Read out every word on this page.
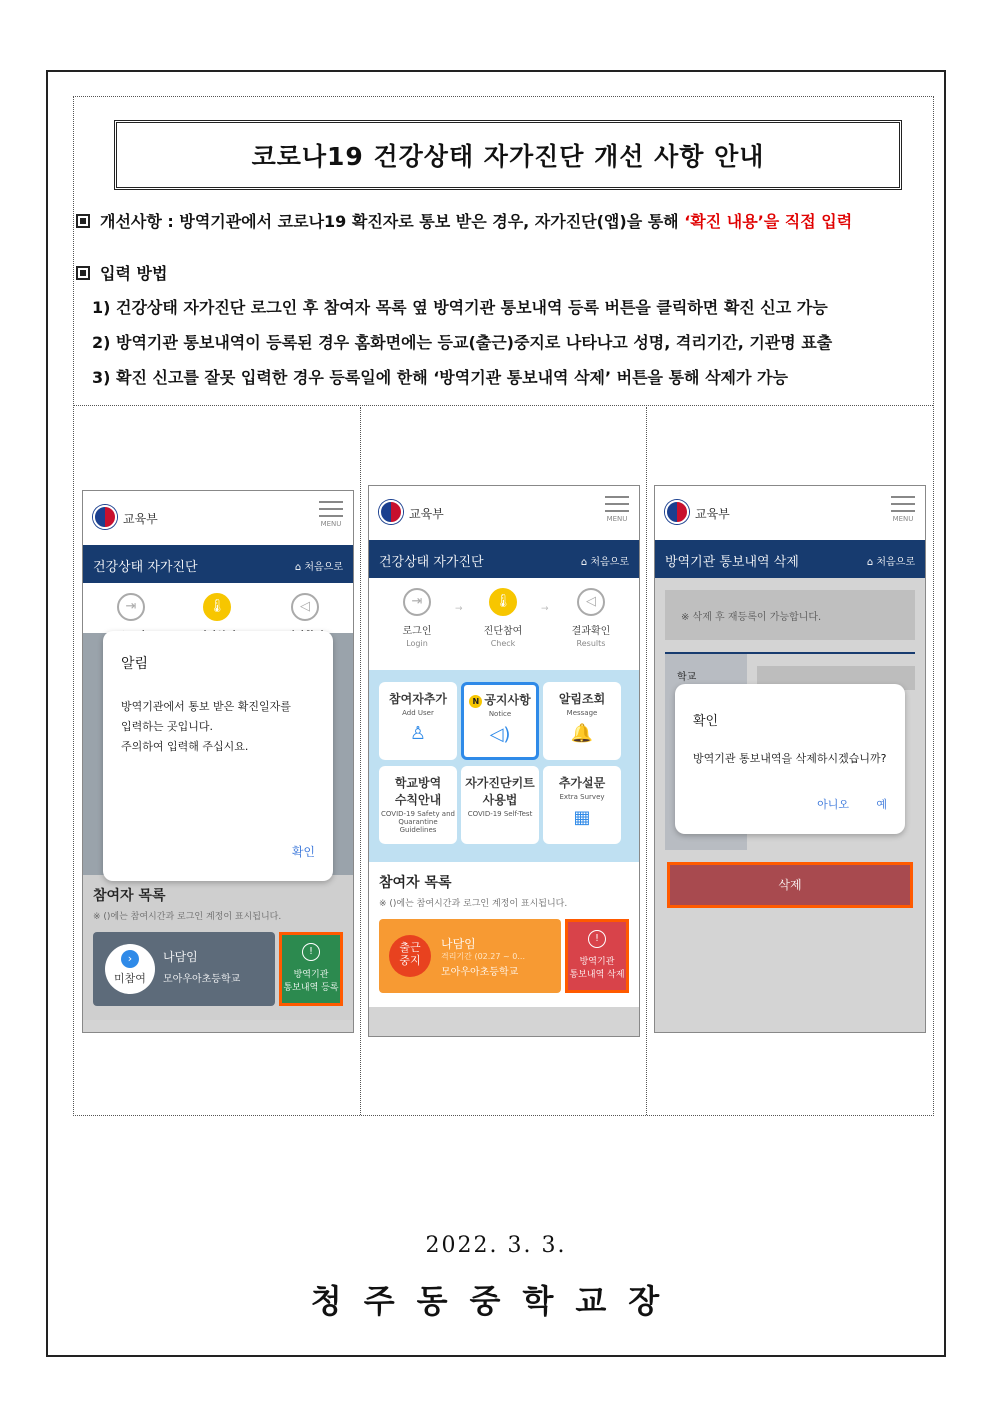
코로나19 건강상태 자가진단 개선 사항 안내
개선사항 : 방역기관에서 코로나19 확진자로 통보 받은 경우, 자가진단(앱)을 통해 ‘확진 내용’을 직접 입력
입력 방법
1) 건강상태 자가진단 로그인 후 참여자 목록 옆 방역기관 통보내역 등록 버튼을 클릭하면 확진 신고 가능
2) 방역기관 통보내역이 등록된 경우 홈화면에는 등교(출근)중지로 나타나고 성명, 격리기간, 기관명 표출
3) 확진 신고를 잘못 입력한 경우 등록일에 한해 ‘방역기관 통보내역 삭제’ 버튼을 통해 삭제가 가능
교육부	MENU
건강상태 자가진단	⌂ 처음으로
⇥	🌡	◁
참여자 목록
※ ()에는 참여시간과 로그인 계정이 표시됩니다.
›
미참여
나담임
모아우아초등학교
!
방역기관
통보내역 등록
알림
방역기관에서 통보 받은 확진일자를
입력하는 곳입니다.
주의하여 입력해 주십시요.
확인
교육부	MENU
건강상태 자가진단	⌂ 처음으로
⇥
로그인
Login
→	🌡
진단참여
Check
→	◁
결과확인
Results
참여자추가
Add User
♙
N 공지사항
Notice
◁)
알림조회
Message
🔔

학교방역
수칙안내
COVID-19 Safety and Quarantine Guidelines
자가진단키트
사용법
COVID-19 Self-Test
추가설문
Extra Survey
▦
참여자 목록
※ ()에는 참여시간과 로그인 계정이 표시됩니다.
출근
중지
나담임
격리기간 (02.27 ~ 0...
모아우아초등학교
!
방역기관
통보내역 삭제
교육부	MENU
방역기관 통보내역 삭제	⌂ 처음으로
※ 삭제 후 재등록이 가능합니다.
학교
확인
방역기관 통보내역을 삭제하시겠습니까?
아니오 예
삭제
2022. 3. 3.
청주동중학교장
